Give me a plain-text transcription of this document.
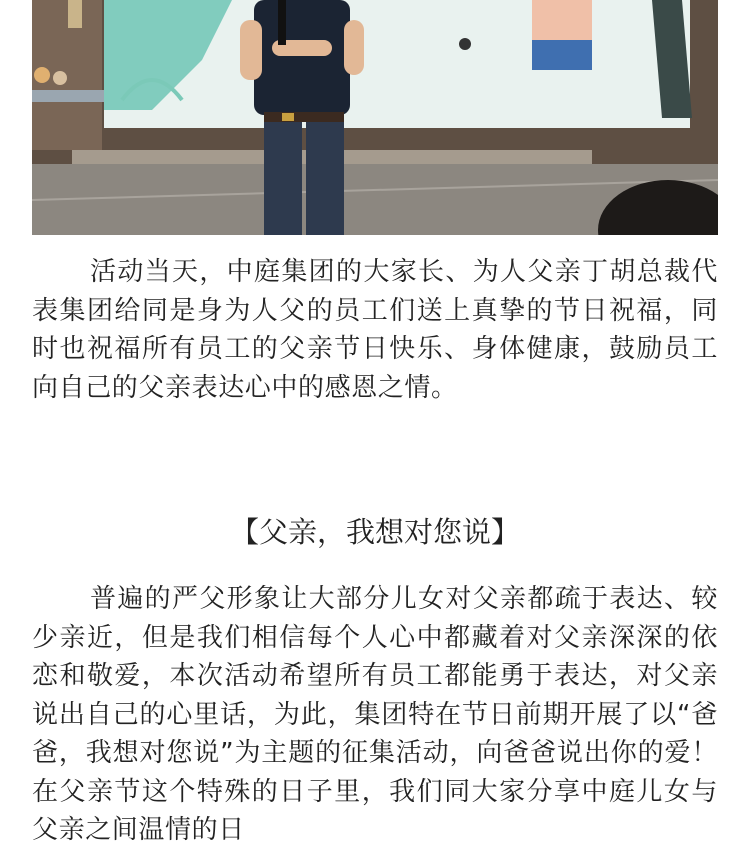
活动当天，中庭集团的大家长、为人父亲丁胡总裁代表集团给同是身为人父的员工们送上真挚的节日祝福，同时也祝福所有员工的父亲节日快乐、身体健康，鼓励员工向自己的父亲表达心中的感恩之情。

【父亲，我想对您说】

普遍的严父形象让大部分儿女对父亲都疏于表达、较少亲近，但是我们相信每个人心中都藏着对父亲深深的依恋和敬爱，本次活动希望所有员工都能勇于表达，对父亲说出自己的心里话，为此，集团特在节日前期开展了以“爸爸，我想对您说”为主题的征集活动，向爸爸说出你的爱！在父亲节这个特殊的日子里，我们同大家分享中庭儿女与父亲之间温情的日
